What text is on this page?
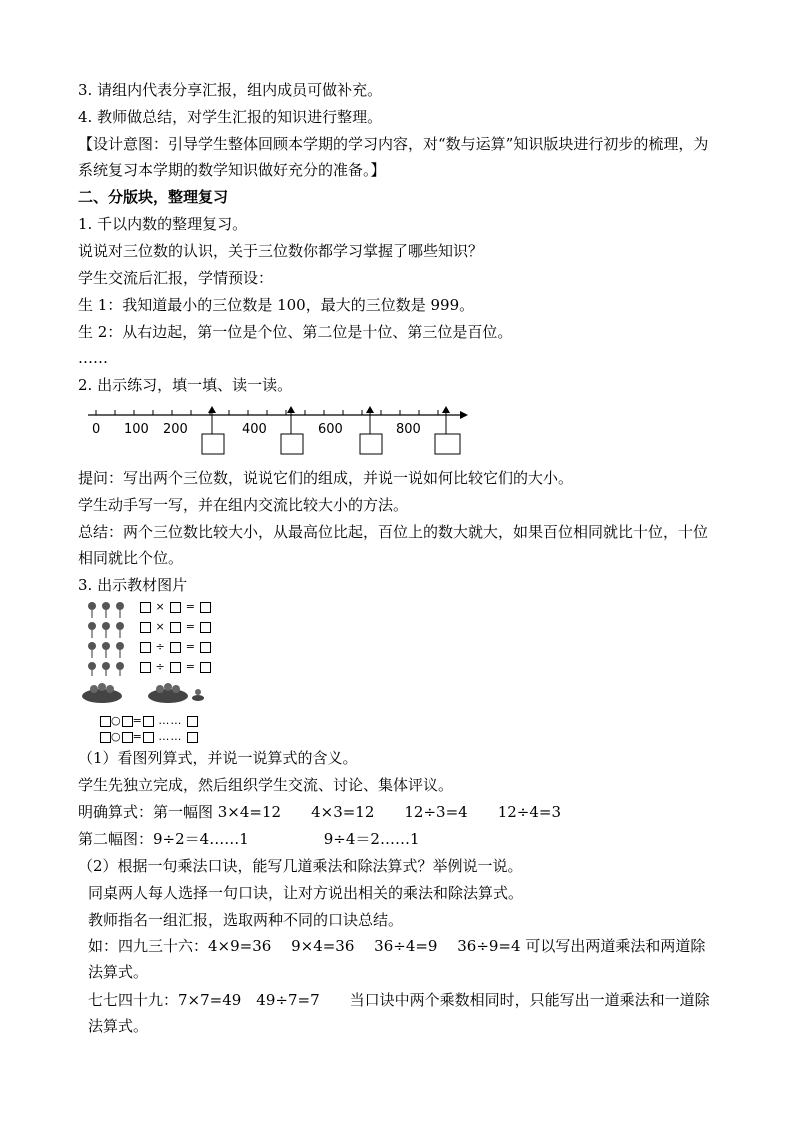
3. 请组内代表分享汇报，组内成员可做补充。
4. 教师做总结，对学生汇报的知识进行整理。
【设计意图：引导学生整体回顾本学期的学习内容，对“数与运算”知识版块进行初步的梳理，为系统复习本学期的数学知识做好充分的准备。】
二、分版块，整理复习
1. 千以内数的整理复习。
说说对三位数的认识，关于三位数你都学习掌握了哪些知识？
学生交流后汇报，学情预设：
生 1：我知道最小的三位数是 100，最大的三位数是 999。
生 2：从右边起，第一位是个位、第二位是十位、第三位是百位。
……
2. 出示练习，填一填、读一读。
0 100 200	400	600	800
提问：写出两个三位数，说说它们的组成，并说一说如何比较它们的大小。
学生动手写一写，并在组内交流比较大小的方法。
总结：两个三位数比较大小，从最高位比起，百位上的数大就大，如果百位相同就比十位，十位相同就比个位。
3. 出示教材图片
×  =
×  =
÷  =
÷  =
○ = ……
○ = ……
（1）看图列算式，并说一说算式的含义。
学生先独立完成，然后组织学生交流、讨论、集体评议。
明确算式：第一幅图 3×4=12　　4×3=12　　12÷3=4　　12÷4=3
第二幅图：9÷2＝4……1　　　　　9÷4＝2……1
（2）根据一句乘法口诀，能写几道乘法和除法算式？举例说一说。
同桌两人每人选择一句口诀，让对方说出相关的乘法和除法算式。
教师指名一组汇报，选取两种不同的口诀总结。
如：四九三十六：4×9=36　 9×4=36　 36÷4=9　 36÷9=4 可以写出两道乘法和两道除法算式。
七七四十九：7×7=49　49÷7=7　　当口诀中两个乘数相同时，只能写出一道乘法和一道除法算式。
